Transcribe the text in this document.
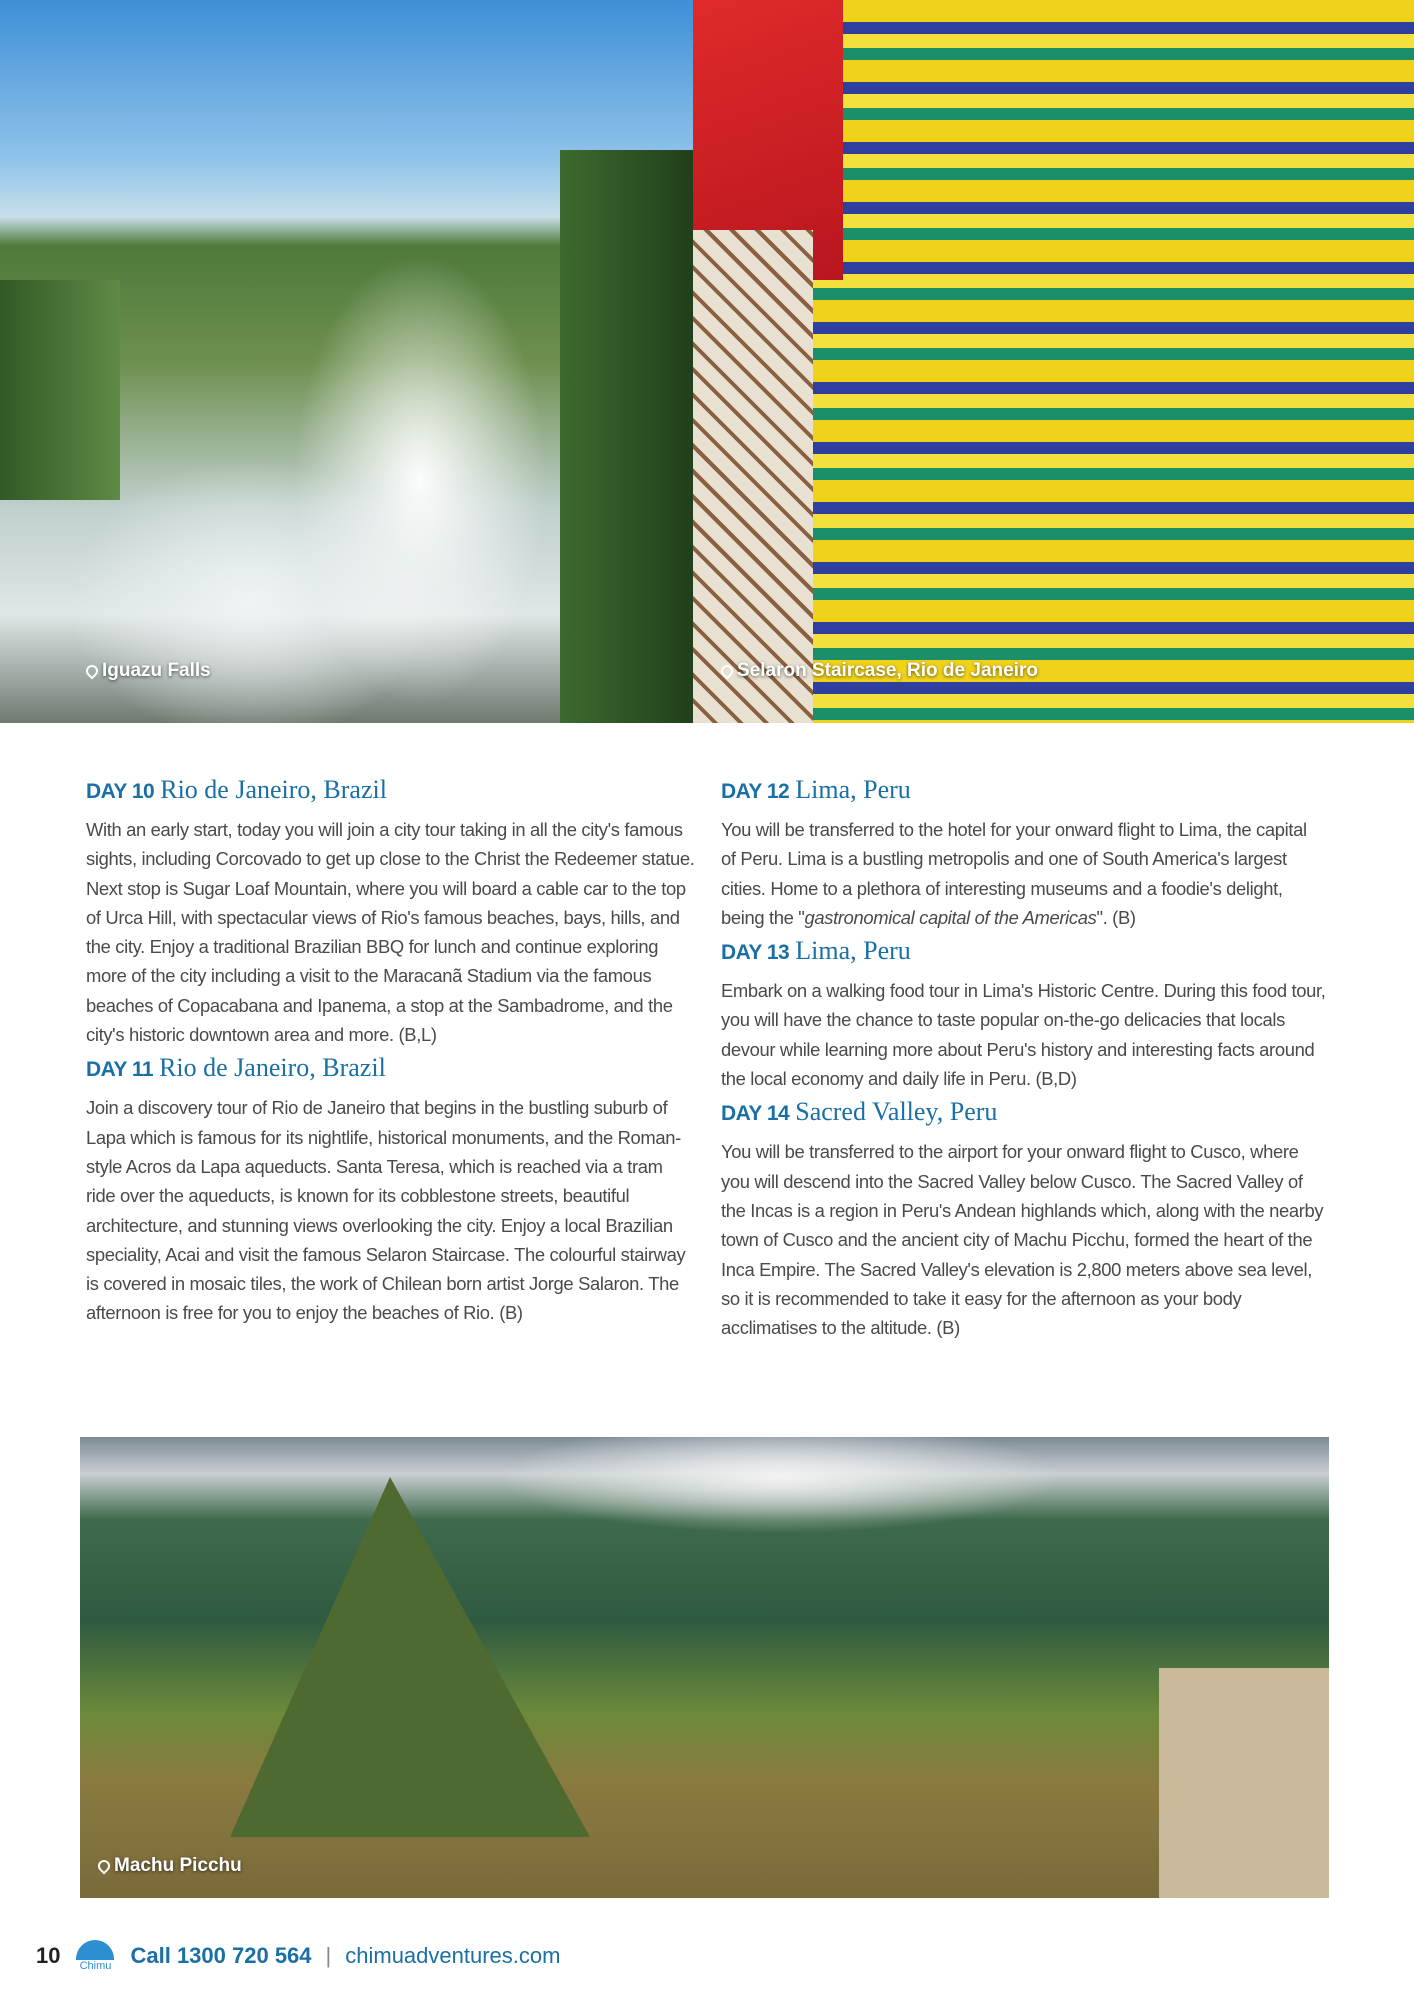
Iguazu Falls	Selaron Staircase, Rio de Janeiro
DAY 10 Rio de Janeiro, Brazil

With an early start, today you will join a city tour taking in all the city's famous sights, including Corcovado to get up close to the Christ the Redeemer statue. Next stop is Sugar Loaf Mountain, where you will board a cable car to the top of Urca Hill, with spectacular views of Rio's famous beaches, bays, hills, and the city. Enjoy a traditional Brazilian BBQ for lunch and continue exploring more of the city including a visit to the Maracanã Stadium via the famous beaches of Copacabana and Ipanema, a stop at the Sambadrome, and the city's historic downtown area and more. (B,L)

DAY 11 Rio de Janeiro, Brazil

Join a discovery tour of Rio de Janeiro that begins in the bustling suburb of Lapa which is famous for its nightlife, historical monuments, and the Roman-style Acros da Lapa aqueducts. Santa Teresa, which is reached via a tram ride over the aqueducts, is known for its cobblestone streets, beautiful architecture, and stunning views overlooking the city. Enjoy a local Brazilian speciality, Acai and visit the famous Selaron Staircase. The colourful stairway is covered in mosaic tiles, the work of Chilean born artist Jorge Salaron. The afternoon is free for you to enjoy the beaches of Rio. (B)

DAY 12 Lima, Peru

You will be transferred to the hotel for your onward flight to Lima, the capital of Peru. Lima is a bustling metropolis and one of South America's largest cities. Home to a plethora of interesting museums and a foodie's delight, being the "gastronomical capital of the Americas". (B)

DAY 13 Lima, Peru

Embark on a walking food tour in Lima's Historic Centre. During this food tour, you will have the chance to taste popular on-the-go delicacies that locals devour while learning more about Peru's history and interesting facts around the local economy and daily life in Peru. (B,D)

DAY 14 Sacred Valley, Peru

You will be transferred to the airport for your onward flight to Cusco, where you will descend into the Sacred Valley below Cusco. The Sacred Valley of the Incas is a region in Peru's Andean highlands which, along with the nearby town of Cusco and the ancient city of Machu Picchu, formed the heart of the Inca Empire. The Sacred Valley's elevation is 2,800 meters above sea level, so it is recommended to take it easy for the afternoon as your body acclimatises to the altitude. (B)

Machu Picchu
10 Chimu Call 1300 720 564 | chimuadventures.com
